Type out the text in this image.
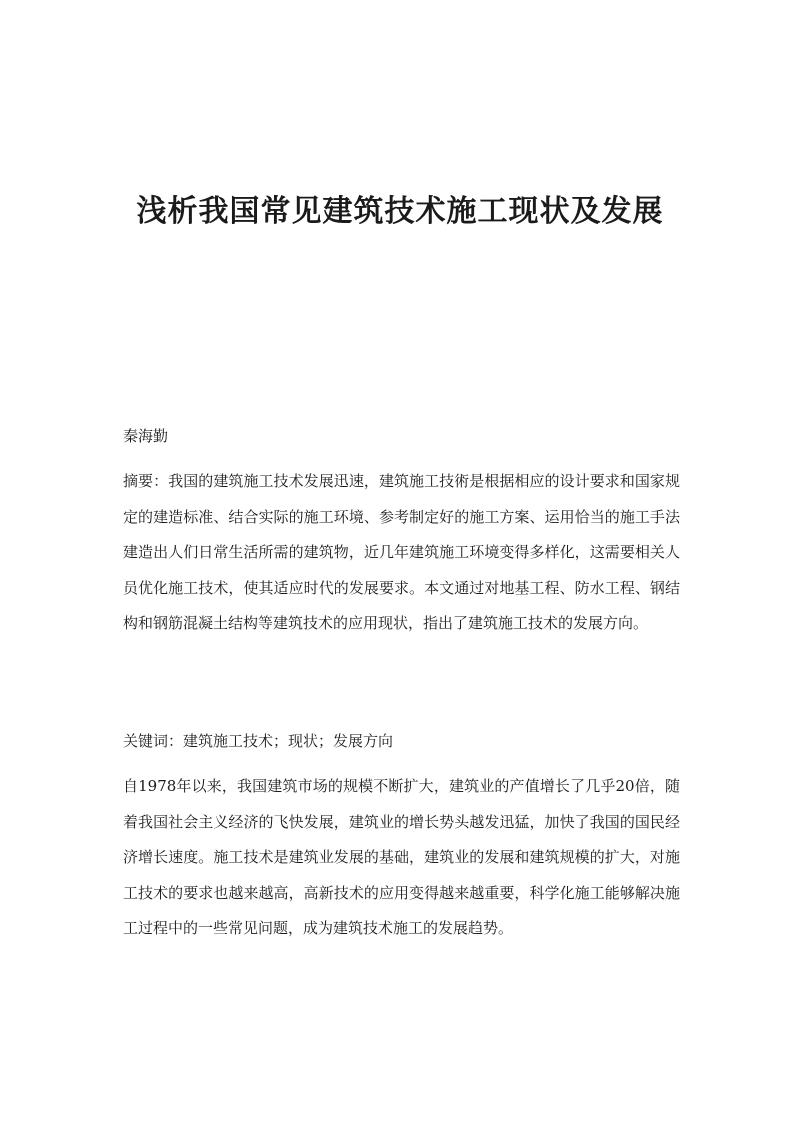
浅析我国常见建筑技术施工现状及发展
秦海勤
摘要：我国的建筑施工技术发展迅速，建筑施工技術是根据相应的设计要求和国家规定的建造标准、结合实际的施工环境、参考制定好的施工方案、运用恰当的施工手法建造出人们日常生活所需的建筑物，近几年建筑施工环境变得多样化，这需要相关人员优化施工技术，使其适应时代的发展要求。本文通过对地基工程、防水工程、钢结构和钢筋混凝土结构等建筑技术的应用现状，指出了建筑施工技术的发展方向。
关键词：建筑施工技术；现状；发展方向
自1978年以来，我国建筑市场的规模不断扩大，建筑业的产值增长了几乎20倍，随着我国社会主义经济的飞快发展，建筑业的增长势头越发迅猛，加快了我国的国民经济增长速度。施工技术是建筑业发展的基础，建筑业的发展和建筑规模的扩大，对施工技术的要求也越来越高，高新技术的应用变得越来越重要，科学化施工能够解决施工过程中的一些常见问题，成为建筑技术施工的发展趋势。
